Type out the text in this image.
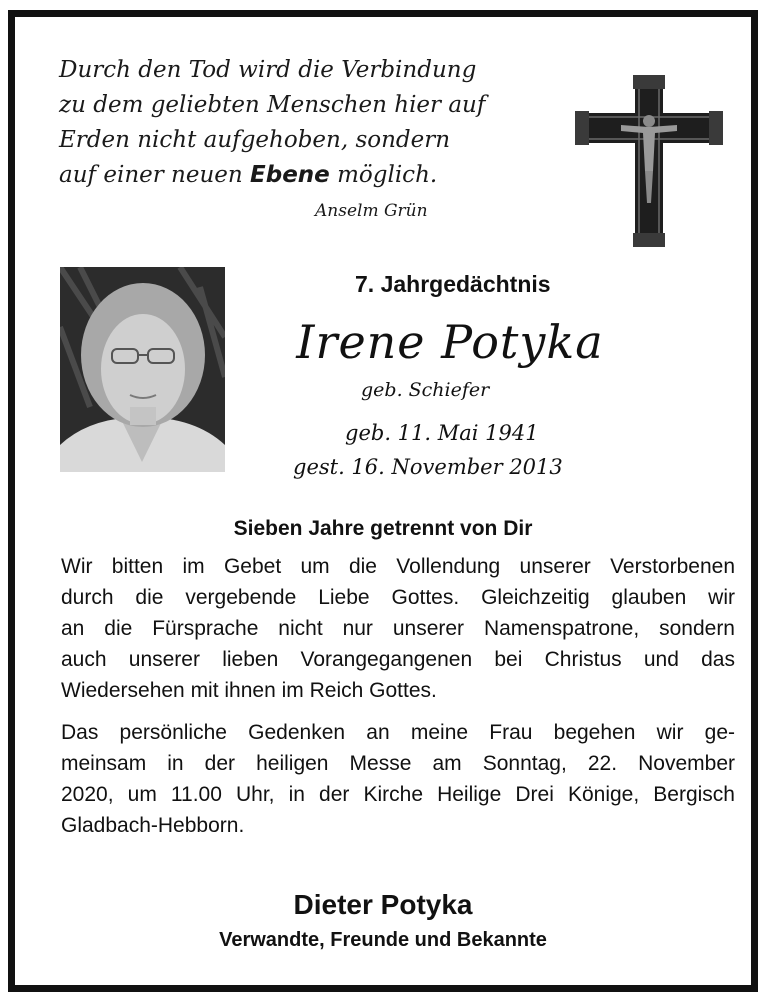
Durch den Tod wird die Verbindung
zu dem geliebten Menschen hier auf
Erden nicht aufgehoben, sondern
auf einer neuen Ebene möglich.
Anselm Grün
7. Jahrgedächtnis
Irene Potyka
geb. Schiefer
geb. 11. Mai 1941
gest. 16. November 2013
Sieben Jahre getrennt von Dir
Wir bitten im Gebet um die Vollendung unserer Verstorbenen
durch die vergebende Liebe Gottes. Gleichzeitig glauben wir
an die Fürsprache nicht nur unserer Namenspatrone, sondern
auch unserer lieben Vorangegangenen bei Christus und das
Wiedersehen mit ihnen im Reich Gottes.
Das persönliche Gedenken an meine Frau begehen wir ge-
meinsam in der heiligen Messe am Sonntag, 22. November
2020, um 11.00 Uhr, in der Kirche Heilige Drei Könige, Bergisch
Gladbach-Hebborn.
Dieter Potyka
Verwandte, Freunde und Bekannte
